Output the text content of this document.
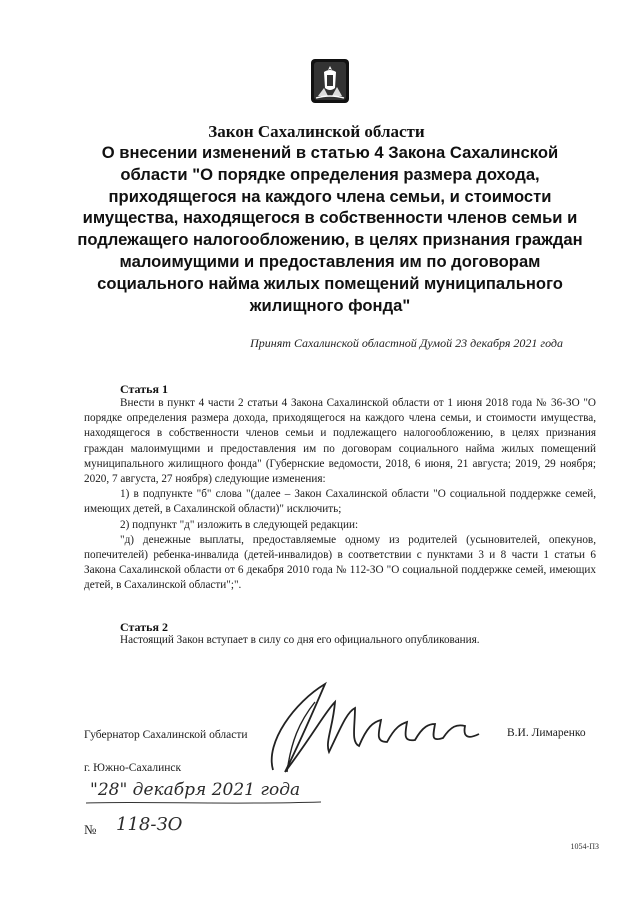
Закон Сахалинской области
О внесении изменений в статью 4 Закона Сахалинской области "О порядке определения размера дохода, приходящегося на каждого члена семьи, и стоимости имущества, находящегося в собственности членов семьи и подлежащего налогообложению, в целях признания граждан малоимущими и предоставления им по договорам социального найма жилых помещений муниципального жилищного фонда"
Принят Сахалинской областной Думой 23 декабря 2021 года
Статья 1

Внести в пункт 4 части 2 статьи 4 Закона Сахалинской области от 1 июня 2018 года № 36-ЗО "О порядке определения размера дохода, приходящегося на каждого члена семьи, и стоимости имущества, находящегося в собственности членов семьи и подлежащего налогообложению, в целях признания граждан малоимущими и предоставления им по договорам социального найма жилых помещений муниципального жилищного фонда" (Губернские ведомости, 2018, 6 июня, 21 августа; 2019, 29 ноября; 2020, 7 августа, 27 ноября) следующие изменения:

1) в подпункте "б" слова "(далее – Закон Сахалинской области "О социальной поддержке семей, имеющих детей, в Сахалинской области)" исключить;

2) подпункт "д" изложить в следующей редакции:

"д) денежные выплаты, предоставляемые одному из родителей (усыновителей, опекунов, попечителей) ребенка-инвалида (детей-инвалидов) в соответствии с пунктами 3 и 8 части 1 статьи 6 Закона Сахалинской области от 6 декабря 2010 года № 112-ЗО "О социальной поддержке семей, имеющих детей, в Сахалинской области";".

Статья 2

Настоящий Закон вступает в силу со дня его официального опубликования.

Губернатор Сахалинской области	В.И. Лимаренко
г. Южно-Сахалинск
"28" декабря 2021 года
№ 118-ЗО
1054-ПЗ
